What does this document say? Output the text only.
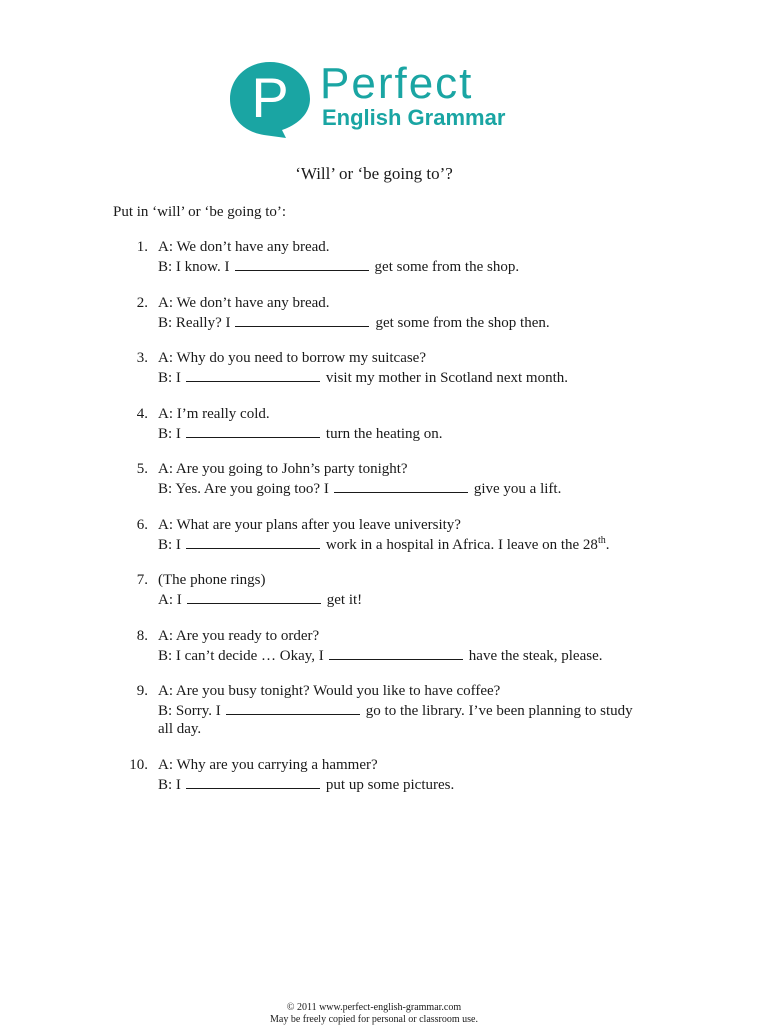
P Perfect
English Grammar
‘Will’ or ‘be going to’?
Put in ‘will’ or ‘be going to’:
1. A: We don’t have any bread.
B: I know. I	get some from the shop.
2. A: We don’t have any bread.
B: Really? I	get some from the shop then.
3. A: Why do you need to borrow my suitcase?
B: I	visit my mother in Scotland next month.
4. A: I’m really cold.
B: I	turn the heating on.
5. A: Are you going to John’s party tonight?
B: Yes. Are you going too? I	give you a lift.
6. A: What are your plans after you leave university?
B: I	work in a hospital in Africa. I leave on the 28th.
7. (The phone rings)
A: I	get it!
8. A: Are you ready to order?
B: I can’t decide … Okay, I	have the steak, please.
9. A: Are you busy tonight? Would you like to have coffee?
B: Sorry. I	go to the library. I’ve been planning to study
all day.
10. A: Why are you carrying a hammer?
B: I	put up some pictures.
© 2011 www.perfect-english-grammar.com
May be freely copied for personal or classroom use.
